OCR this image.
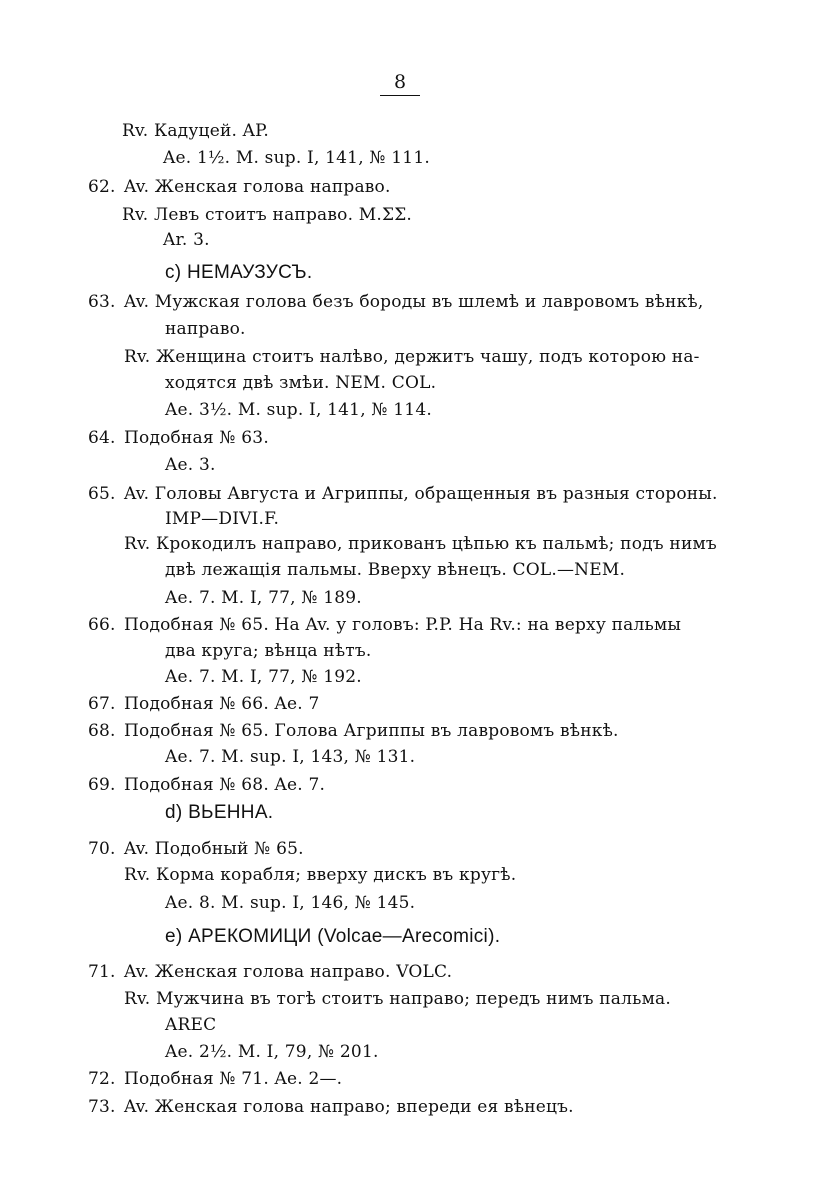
8
Rv. Кадуцей. AP.
Ae. 1½. M. sup. I, 141, № 111.
62. Av. Женская голова направо.
Rv. Левъ стоитъ направо. M.ΣΣ.
Ar. 3.
c) НЕМАУЗУСЪ.
63. Av. Мужская голова безъ бороды въ шлемѣ и лавровомъ вѣнкѣ,
направо.
Rv. Женщина стоитъ налѣво, держитъ чашу, подъ которою на-
ходятся двѣ змѣи. NEM. COL.
Ae. 3½. M. sup. I, 141, № 114.
64. Подобная № 63.
Ae. 3.
65. Av. Головы Августа и Агриппы, обращенныя въ разныя стороны.
IMP—DIVI.F.
Rv. Крокодилъ направо, прикованъ цѣпью къ пальмѣ; подъ нимъ
двѣ лежащія пальмы. Вверху вѣнецъ. COL.—NEM.
Ae. 7. M. I, 77, № 189.
66. Подобная № 65. На Av. у головъ: P.P. На Rv.: на верху пальмы
два круга; вѣнца нѣтъ.
Ae. 7. M. I, 77, № 192.
67. Подобная № 66. Ae. 7
68. Подобная № 65. Голова Агриппы въ лавровомъ вѣнкѣ.
Ae. 7. M. sup. I, 143, № 131.
69. Подобная № 68. Ae. 7.
d) ВЬЕННА.
70. Av. Подобный № 65.
Rv. Корма корабля; вверху дискъ въ кругѣ.
Ae. 8. M. sup. I, 146, № 145.
e) АРЕКОМИЦИ (Volcae—Arecomici).
71. Av. Женская голова направо. VOLC.
Rv. Мужчина въ тогѣ стоитъ направо; передъ нимъ пальма.
AREC
Ae. 2½. M. I, 79, № 201.
72. Подобная № 71. Ae. 2—.
73. Av. Женская голова направо; впереди ея вѣнецъ.
